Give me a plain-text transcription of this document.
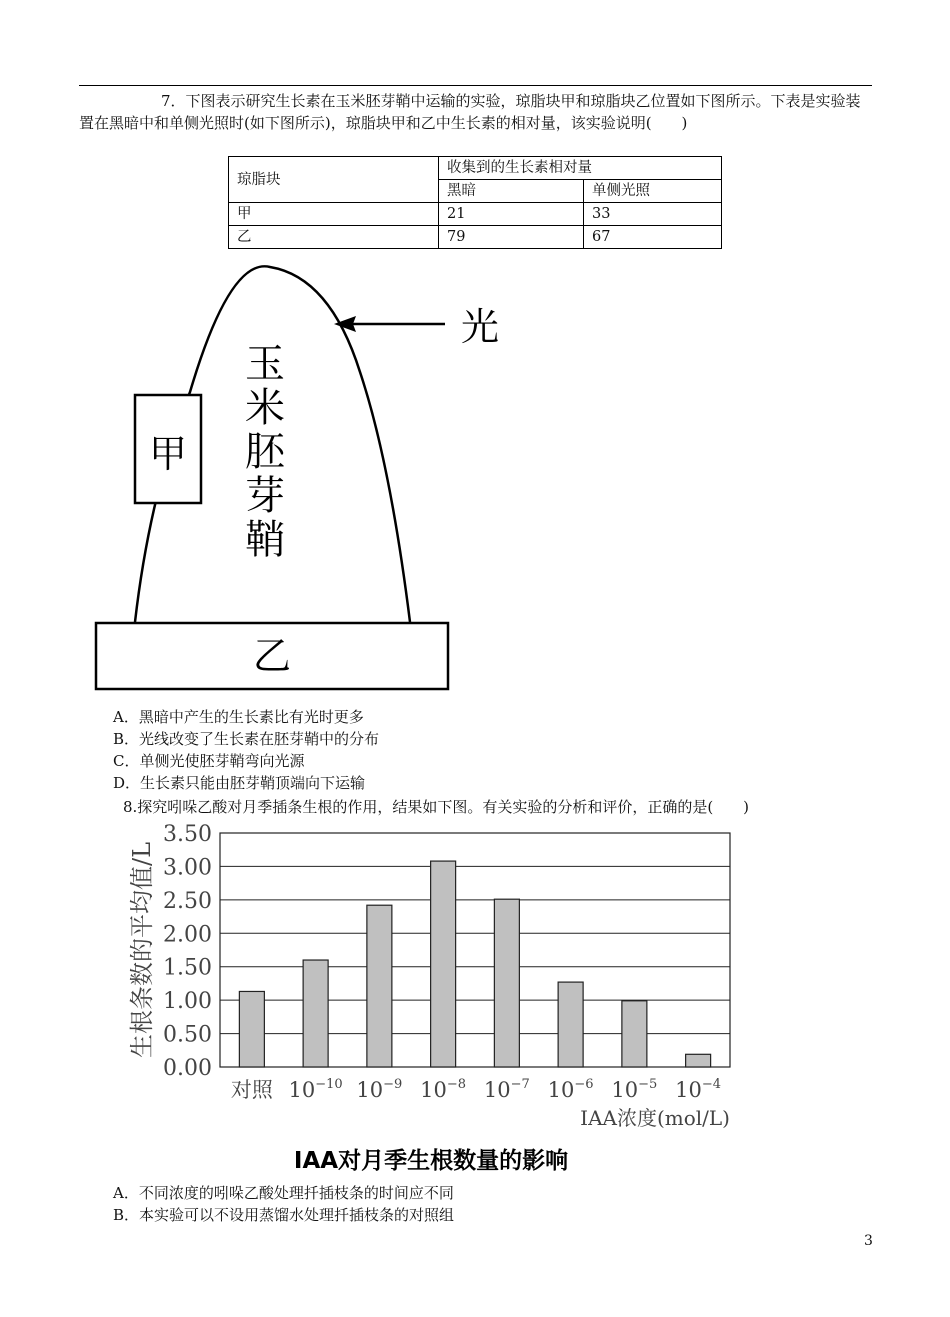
7．下图表示研究生长素在玉米胚芽鞘中运输的实验，琼脂块甲和琼脂块乙位置如下图所示。下表是实验装置在黑暗中和单侧光照时(如下图所示)，琼脂块甲和乙中生长素的相对量，该实验说明(　　)
琼脂块	收集到的生长素相对量	
	黑暗	单侧光照
甲	21	33
乙	79	67
甲
乙
玉
米
胚
芽
鞘
光
A．黑暗中产生的生长素比有光时更多
B．光线改变了生长素在胚芽鞘中的分布
C．单侧光使胚芽鞘弯向光源
D．生长素只能由胚芽鞘顶端向下运输
8.探究吲哚乙酸对月季插条生根的作用，结果如下图。有关实验的分析和评价，正确的是(　　)
0.00
0.50
1.00
1.50
2.00
2.50
3.00
3.50
对照 $10^{-10}$ $10^{-9}$ $10^{-8}$ $10^{-7}$ $10^{-6}$ $10^{-5}$ $10^{-4}$
生根条数的平均值/L
IAA浓度(mol/L)
IAA对月季生根数量的影响
A．不同浓度的吲哚乙酸处理扦插枝条的时间应不同
B．本实验可以不设用蒸馏水处理扦插枝条的对照组
3
